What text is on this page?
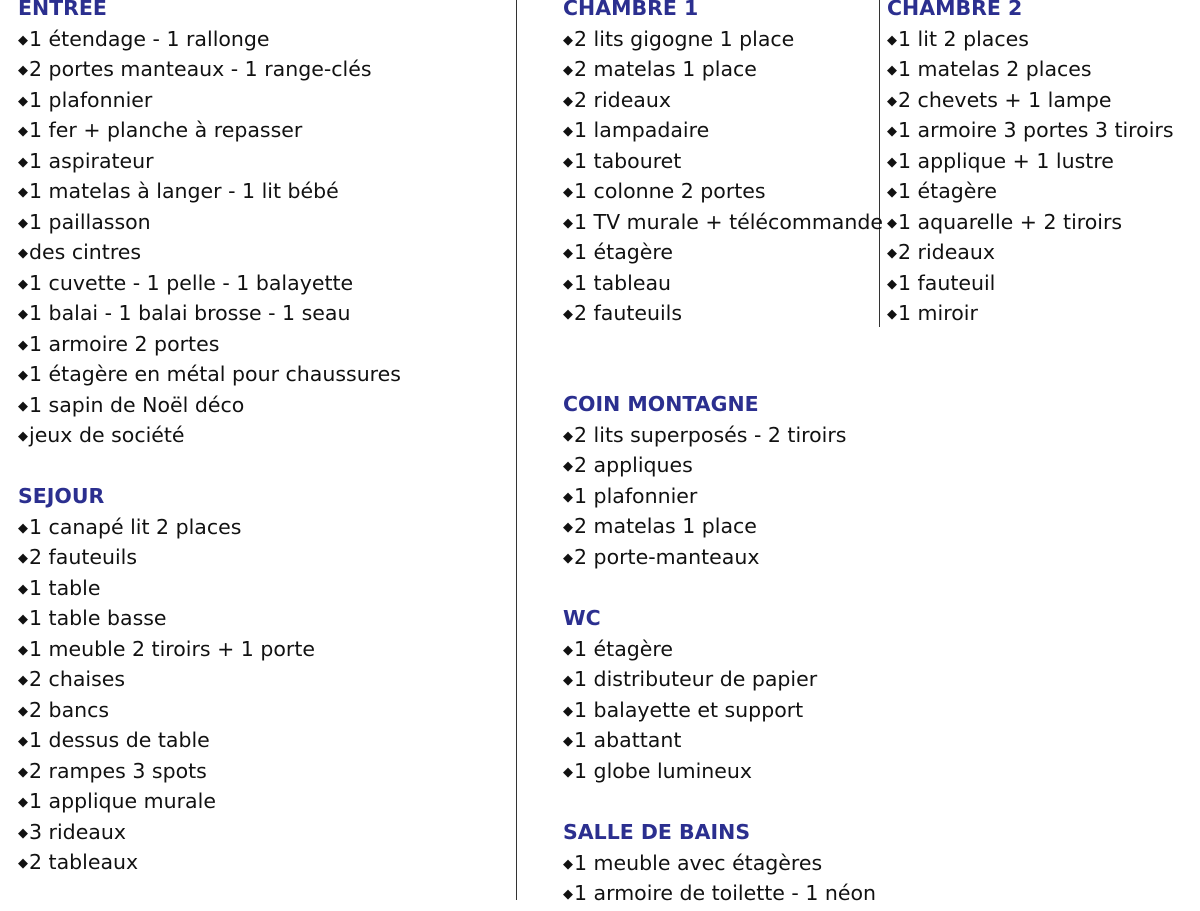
ENTREE
◆1 étendage - 1 rallonge
◆2 portes manteaux - 1 range-clés
◆1 plafonnier
◆1 fer + planche à repasser
◆1 aspirateur
◆1 matelas à langer - 1 lit bébé
◆1 paillasson
◆des cintres
◆1 cuvette - 1 pelle - 1 balayette
◆1 balai - 1 balai brosse - 1 seau
◆1 armoire 2 portes
◆1 étagère en métal pour chaussures
◆1 sapin de Noël déco
◆jeux de société
SEJOUR
◆1 canapé lit 2 places
◆2 fauteuils
◆1 table
◆1 table basse
◆1 meuble 2 tiroirs + 1 porte
◆2 chaises
◆2 bancs
◆1 dessus de table
◆2 rampes 3 spots
◆1 applique murale
◆3 rideaux
◆2 tableaux
CHAMBRE 1
◆2 lits gigogne 1 place
◆2 matelas 1 place
◆2 rideaux
◆1 lampadaire
◆1 tabouret
◆1 colonne 2 portes
◆1 TV murale + télécommande
◆1 étagère
◆1 tableau
◆2 fauteuils
CHAMBRE 2
◆1 lit 2 places
◆1 matelas 2 places
◆2 chevets + 1 lampe
◆1 armoire 3 portes 3 tiroirs
◆1 applique + 1 lustre
◆1 étagère
◆1 aquarelle + 2 tiroirs
◆2 rideaux
◆1 fauteuil
◆1 miroir
COIN MONTAGNE
◆2 lits superposés - 2 tiroirs
◆2 appliques
◆1 plafonnier
◆2 matelas 1 place
◆2 porte-manteaux
WC
◆1 étagère
◆1 distributeur de papier
◆1 balayette et support
◆1 abattant
◆1 globe lumineux
SALLE DE BAINS
◆1 meuble avec étagères
◆1 armoire de toilette - 1 néon
